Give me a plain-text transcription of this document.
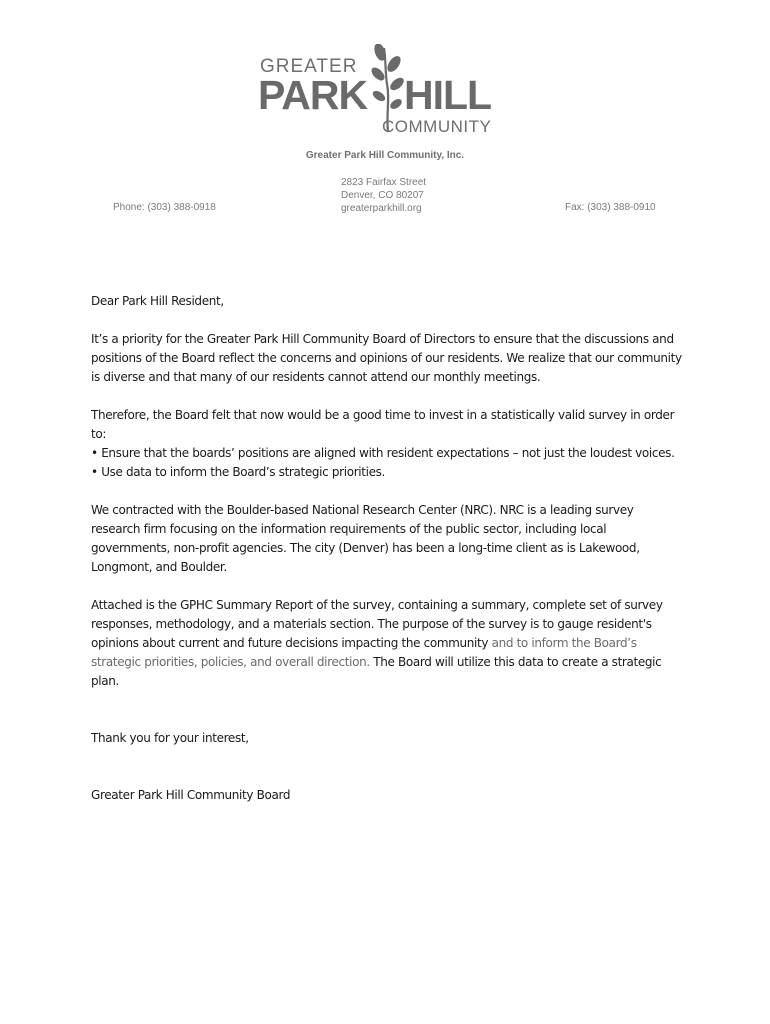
GREATER
PARK HILL
COMMUNITY
Greater Park Hill Community, Inc.
2823 Fairfax Street
Denver, CO 80207
greaterparkhill.org
Phone: (303) 388-0918	Fax: (303) 388-0910

Dear Park Hill Resident,

It’s a priority for the Greater Park Hill Community Board of Directors to ensure that the discussions and positions of the Board reflect the concerns and opinions of our residents. We realize that our community is diverse and that many of our residents cannot attend our monthly meetings.

Therefore, the Board felt that now would be a good time to invest in a statistically valid survey in order to:

• Ensure that the boards’ positions are aligned with resident expectations – not just the loudest voices.

• Use data to inform the Board’s strategic priorities.

We contracted with the Boulder-based National Research Center (NRC). NRC is a leading survey research firm focusing on the information requirements of the public sector, including local governments, non-profit agencies. The city (Denver) has been a long-time client as is Lakewood, Longmont, and Boulder.

Attached is the GPHC Summary Report of the survey, containing a summary, complete set of survey responses, methodology, and a materials section. The purpose of the survey is to gauge resident's opinions about current and future decisions impacting the community and to inform the Board’s strategic priorities, policies, and overall direction. The Board will utilize this data to create a strategic plan.

Thank you for your interest,

Greater Park Hill Community Board
